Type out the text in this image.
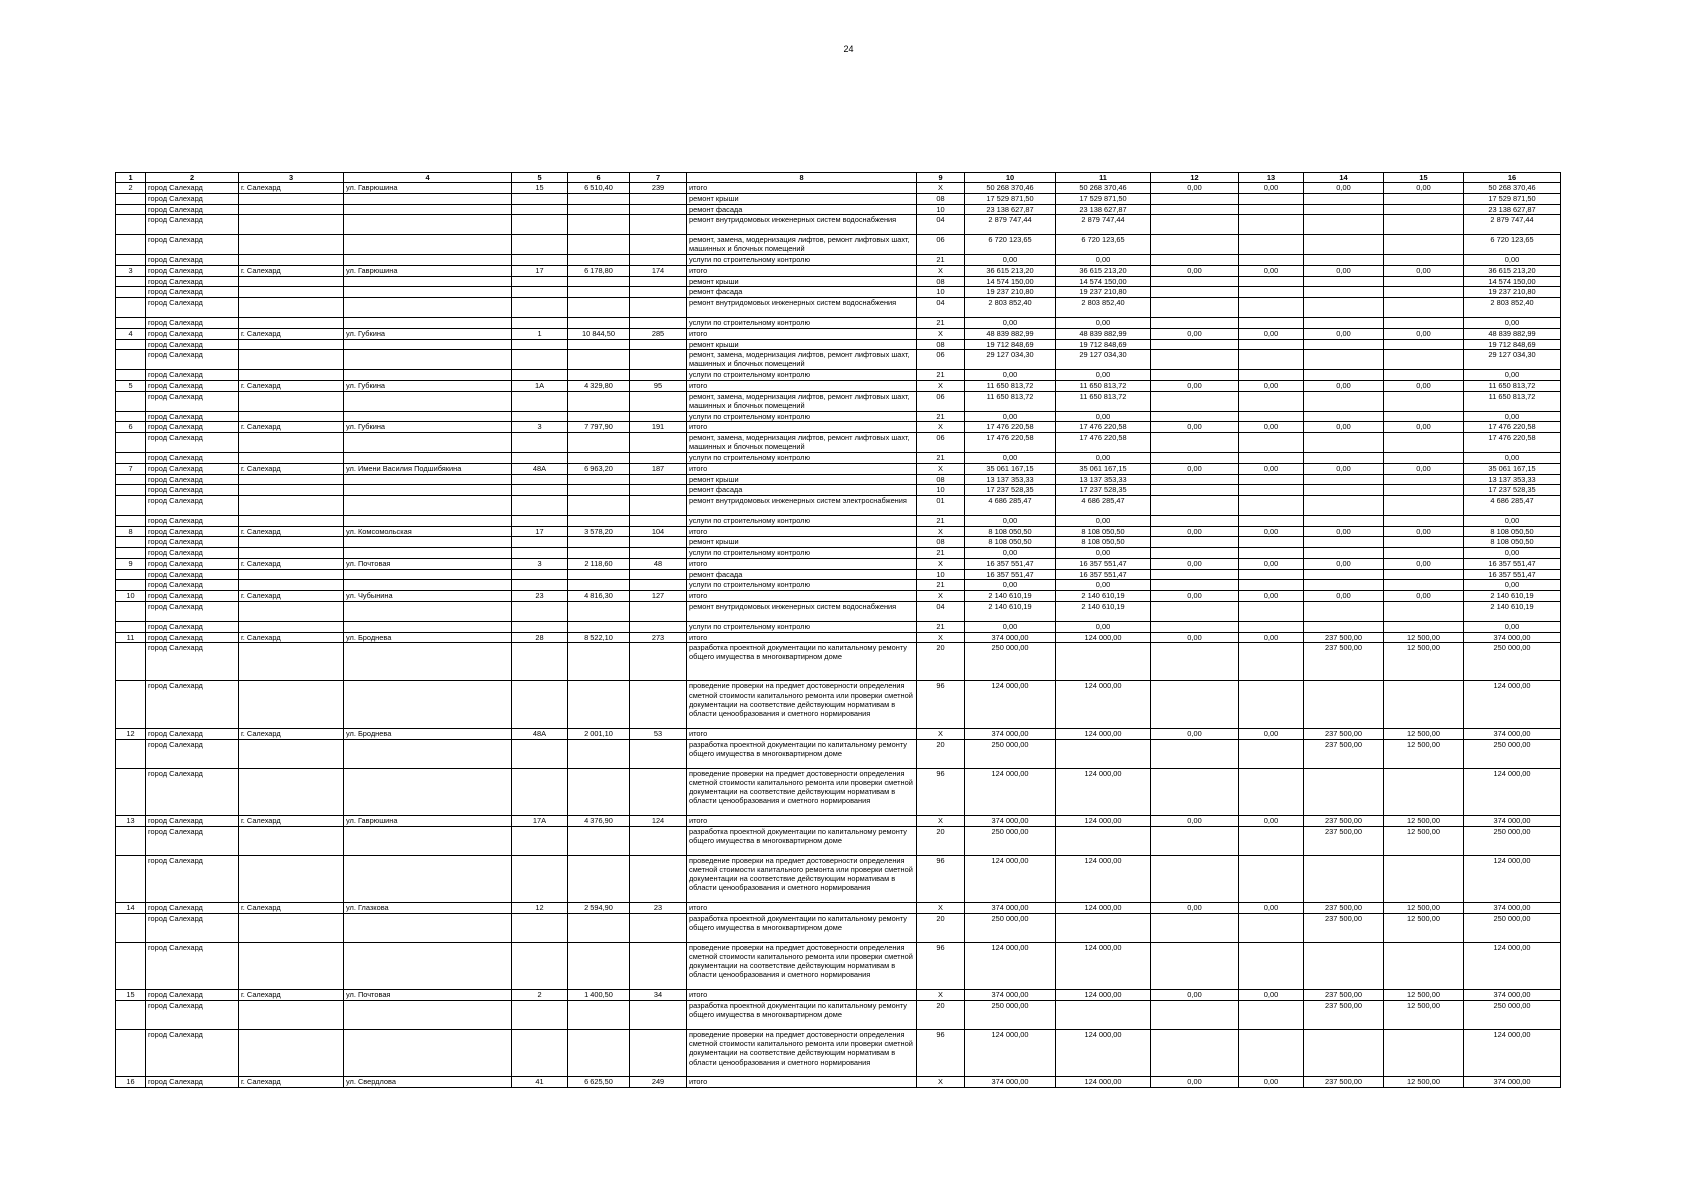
24
1	2	3	4	5	6	7	8	9	10	11	12	13	14	15	16
2	город Салехард	г. Салехард	ул. Гаврюшина	15	6 510,40	239	итого	X	50 268 370,46	50 268 370,46	0,00	0,00	0,00	0,00	50 268 370,46
	город Салехард						ремонт крыши	08	17 529 871,50	17 529 871,50					17 529 871,50
	город Салехард						ремонт фасада	10	23 138 627,87	23 138 627,87					23 138 627,87
	город Салехард						ремонт внутридомовых инженерных систем водоснабжения	04	2 879 747,44	2 879 747,44					2 879 747,44
	город Салехард						ремонт, замена, модернизация лифтов, ремонт лифтовых шахт, машинных и блочных помещений	06	6 720 123,65	6 720 123,65					6 720 123,65
	город Салехард						услуги по строительному контролю	21	0,00	0,00					0,00
3	город Салехард	г. Салехард	ул. Гаврюшина	17	6 178,80	174	итого	X	36 615 213,20	36 615 213,20	0,00	0,00	0,00	0,00	36 615 213,20
	город Салехард						ремонт крыши	08	14 574 150,00	14 574 150,00					14 574 150,00
	город Салехард						ремонт фасада	10	19 237 210,80	19 237 210,80					19 237 210,80
	город Салехард						ремонт внутридомовых инженерных систем водоснабжения	04	2 803 852,40	2 803 852,40					2 803 852,40
	город Салехард						услуги по строительному контролю	21	0,00	0,00					0,00
4	город Салехард	г. Салехард	ул. Губкина	1	10 844,50	285	итого	X	48 839 882,99	48 839 882,99	0,00	0,00	0,00	0,00	48 839 882,99
	город Салехард						ремонт крыши	08	19 712 848,69	19 712 848,69					19 712 848,69
	город Салехард						ремонт, замена, модернизация лифтов, ремонт лифтовых шахт, машинных и блочных помещений	06	29 127 034,30	29 127 034,30					29 127 034,30
	город Салехард						услуги по строительному контролю	21	0,00	0,00					0,00
5	город Салехард	г. Салехард	ул. Губкина	1А	4 329,80	95	итого	X	11 650 813,72	11 650 813,72	0,00	0,00	0,00	0,00	11 650 813,72
	город Салехард						ремонт, замена, модернизация лифтов, ремонт лифтовых шахт, машинных и блочных помещений	06	11 650 813,72	11 650 813,72					11 650 813,72
	город Салехард						услуги по строительному контролю	21	0,00	0,00					0,00
6	город Салехард	г. Салехард	ул. Губкина	3	7 797,90	191	итого	X	17 476 220,58	17 476 220,58	0,00	0,00	0,00	0,00	17 476 220,58
	город Салехард						ремонт, замена, модернизация лифтов, ремонт лифтовых шахт, машинных и блочных помещений	06	17 476 220,58	17 476 220,58					17 476 220,58
	город Салехард						услуги по строительному контролю	21	0,00	0,00					0,00
7	город Салехард	г. Салехард	ул. Имени Василия Подшибякина	48А	6 963,20	187	итого	X	35 061 167,15	35 061 167,15	0,00	0,00	0,00	0,00	35 061 167,15
	город Салехард						ремонт крыши	08	13 137 353,33	13 137 353,33					13 137 353,33
	город Салехард						ремонт фасада	10	17 237 528,35	17 237 528,35					17 237 528,35
	город Салехард						ремонт внутридомовых инженерных систем электроснабжения	01	4 686 285,47	4 686 285,47					4 686 285,47
	город Салехард						услуги по строительному контролю	21	0,00	0,00					0,00
8	город Салехард	г. Салехард	ул. Комсомольская	17	3 578,20	104	итого	X	8 108 050,50	8 108 050,50	0,00	0,00	0,00	0,00	8 108 050,50
	город Салехард						ремонт крыши	08	8 108 050,50	8 108 050,50					8 108 050,50
	город Салехард						услуги по строительному контролю	21	0,00	0,00					0,00
9	город Салехард	г. Салехард	ул. Почтовая	3	2 118,60	48	итого	X	16 357 551,47	16 357 551,47	0,00	0,00	0,00	0,00	16 357 551,47
	город Салехард						ремонт фасада	10	16 357 551,47	16 357 551,47					16 357 551,47
	город Салехард						услуги по строительному контролю	21	0,00	0,00					0,00
10	город Салехард	г. Салехард	ул. Чубынина	23	4 816,30	127	итого	X	2 140 610,19	2 140 610,19	0,00	0,00	0,00	0,00	2 140 610,19
	город Салехард						ремонт внутридомовых инженерных систем водоснабжения	04	2 140 610,19	2 140 610,19					2 140 610,19
	город Салехард						услуги по строительному контролю	21	0,00	0,00					0,00
11	город Салехард	г. Салехард	ул. Броднева	28	8 522,10	273	итого	X	374 000,00	124 000,00	0,00	0,00	237 500,00	12 500,00	374 000,00
	город Салехард						разработка проектной документации по капитальному ремонту общего имущества в многоквартирном доме	20	250 000,00				237 500,00	12 500,00	250 000,00
	город Салехард						проведение проверки на предмет достоверности определения сметной стоимости капитального ремонта или проверки сметной документации на соответствие действующим нормативам в области ценообразования и сметного нормирования	96	124 000,00	124 000,00					124 000,00
12	город Салехард	г. Салехард	ул. Броднева	48А	2 001,10	53	итого	X	374 000,00	124 000,00	0,00	0,00	237 500,00	12 500,00	374 000,00
	город Салехард						разработка проектной документации по капитальному ремонту общего имущества в многоквартирном доме	20	250 000,00				237 500,00	12 500,00	250 000,00
	город Салехард						проведение проверки на предмет достоверности определения сметной стоимости капитального ремонта или проверки сметной документации на соответствие действующим нормативам в области ценообразования и сметного нормирования	96	124 000,00	124 000,00					124 000,00
13	город Салехард	г. Салехард	ул. Гаврюшина	17А	4 376,90	124	итого	X	374 000,00	124 000,00	0,00	0,00	237 500,00	12 500,00	374 000,00
	город Салехард						разработка проектной документации по капитальному ремонту общего имущества в многоквартирном доме	20	250 000,00				237 500,00	12 500,00	250 000,00
	город Салехард						проведение проверки на предмет достоверности определения сметной стоимости капитального ремонта или проверки сметной документации на соответствие действующим нормативам в области ценообразования и сметного нормирования	96	124 000,00	124 000,00					124 000,00
14	город Салехард	г. Салехард	ул. Глазкова	12	2 594,90	23	итого	X	374 000,00	124 000,00	0,00	0,00	237 500,00	12 500,00	374 000,00
	город Салехард						разработка проектной документации по капитальному ремонту общего имущества в многоквартирном доме	20	250 000,00				237 500,00	12 500,00	250 000,00
	город Салехард						проведение проверки на предмет достоверности определения сметной стоимости капитального ремонта или проверки сметной документации на соответствие действующим нормативам в области ценообразования и сметного нормирования	96	124 000,00	124 000,00					124 000,00
15	город Салехард	г. Салехард	ул. Почтовая	2	1 400,50	34	итого	X	374 000,00	124 000,00	0,00	0,00	237 500,00	12 500,00	374 000,00
	город Салехард						разработка проектной документации по капитальному ремонту общего имущества в многоквартирном доме	20	250 000,00				237 500,00	12 500,00	250 000,00
	город Салехард						проведение проверки на предмет достоверности определения сметной стоимости капитального ремонта или проверки сметной документации на соответствие действующим нормативам в области ценообразования и сметного нормирования	96	124 000,00	124 000,00					124 000,00
16	город Салехард	г. Салехард	ул. Свердлова	41	6 625,50	249	итого	X	374 000,00	124 000,00	0,00	0,00	237 500,00	12 500,00	374 000,00
